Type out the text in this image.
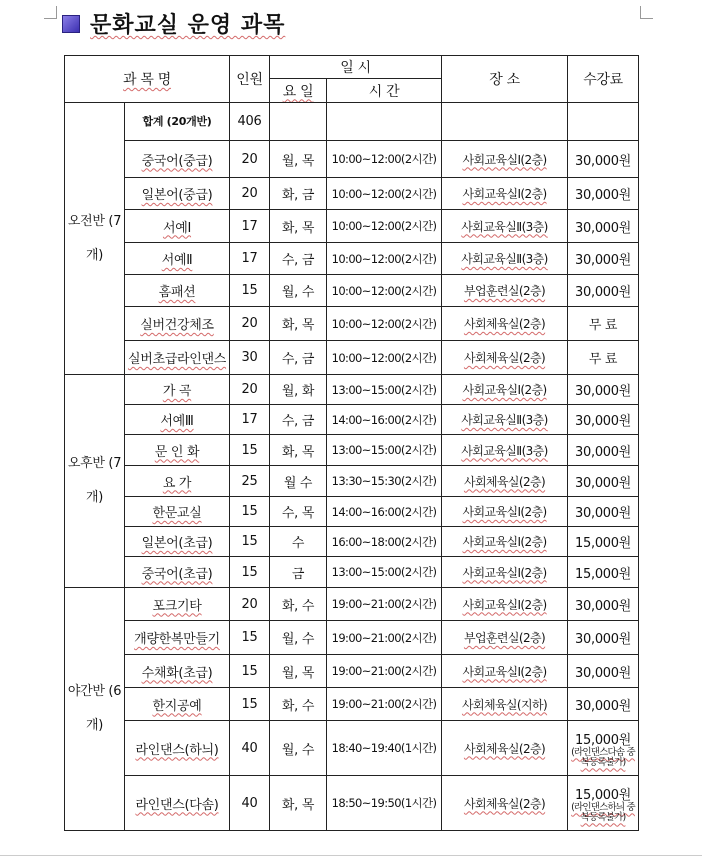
문화교실 운영 과목
과 목 명		인원	일 시		장 소	수강료
			요 일	시 간		

오전반 (7개)	합계 (20개반)	406				
	중국어(중급)	20	월, 목	10:00~12:00(2시간)	사회교육실Ⅰ(2층)	30,000원

	일본어(중급)	20	화, 금	10:00~12:00(2시간)	사회교육실Ⅰ(2층)	30,000원

	서예Ⅰ	17	화, 목	10:00~12:00(2시간)	사회교육실Ⅱ(3층)	30,000원

	서예Ⅱ	17	수, 금	10:00~12:00(2시간)	사회교육실Ⅱ(3층)	30,000원

	홈패션	15	월, 수	10:00~12:00(2시간)	부업훈련실(2층)	30,000원

	실버건강체조	20	화, 목	10:00~12:00(2시간)	사회체육실(2층)	무 료

	실버초급라인댄스	30	수, 금	10:00~12:00(2시간)	사회체육실(2층)	무 료

오후반 (7개)	가 곡	20	월, 화	13:00~15:00(2시간)	사회교육실Ⅰ(2층)	30,000원

	서예Ⅲ	17	수, 금	14:00~16:00(2시간)	사회교육실Ⅱ(3층)	30,000원

	문 인 화	15	화, 목	13:00~15:00(2시간)	사회교육실Ⅱ(3층)	30,000원

	요 가	25	월 수	13:30~15:30(2시간)	사회체육실(2층)	30,000원

	한문교실	15	수, 목	14:00~16:00(2시간)	사회교육실Ⅰ(2층)	30,000원

	일본어(초급)	15	수	16:00~18:00(2시간)	사회교육실Ⅰ(2층)	15,000원

	중국어(초급)	15	금	13:00~15:00(2시간)	사회교육실Ⅰ(2층)	15,000원

야간반 (6개)	포크기타	20	화, 수	19:00~21:00(2시간)	사회교육실Ⅰ(2층)	30,000원

	개량한복만들기	15	월, 수	19:00~21:00(2시간)	부업훈련실(2층)	30,000원

	수채화(초급)	15	월, 목	19:00~21:00(2시간)	사회교육실Ⅰ(2층)	30,000원

	한지공예	15	화, 수	19:00~21:00(2시간)	사회체육실(지하)	30,000원

	라인댄스(하늬)	40	월, 수	18:40~19:40(1시간)	사회체육실(2층)	15,000원
(라인댄스다솜 중복등록불가)

	라인댄스(다솜)	40	화, 목	18:50~19:50(1시간)	사회체육실(2층)	15,000원
(라인댄스하늬 중복등록불가)
